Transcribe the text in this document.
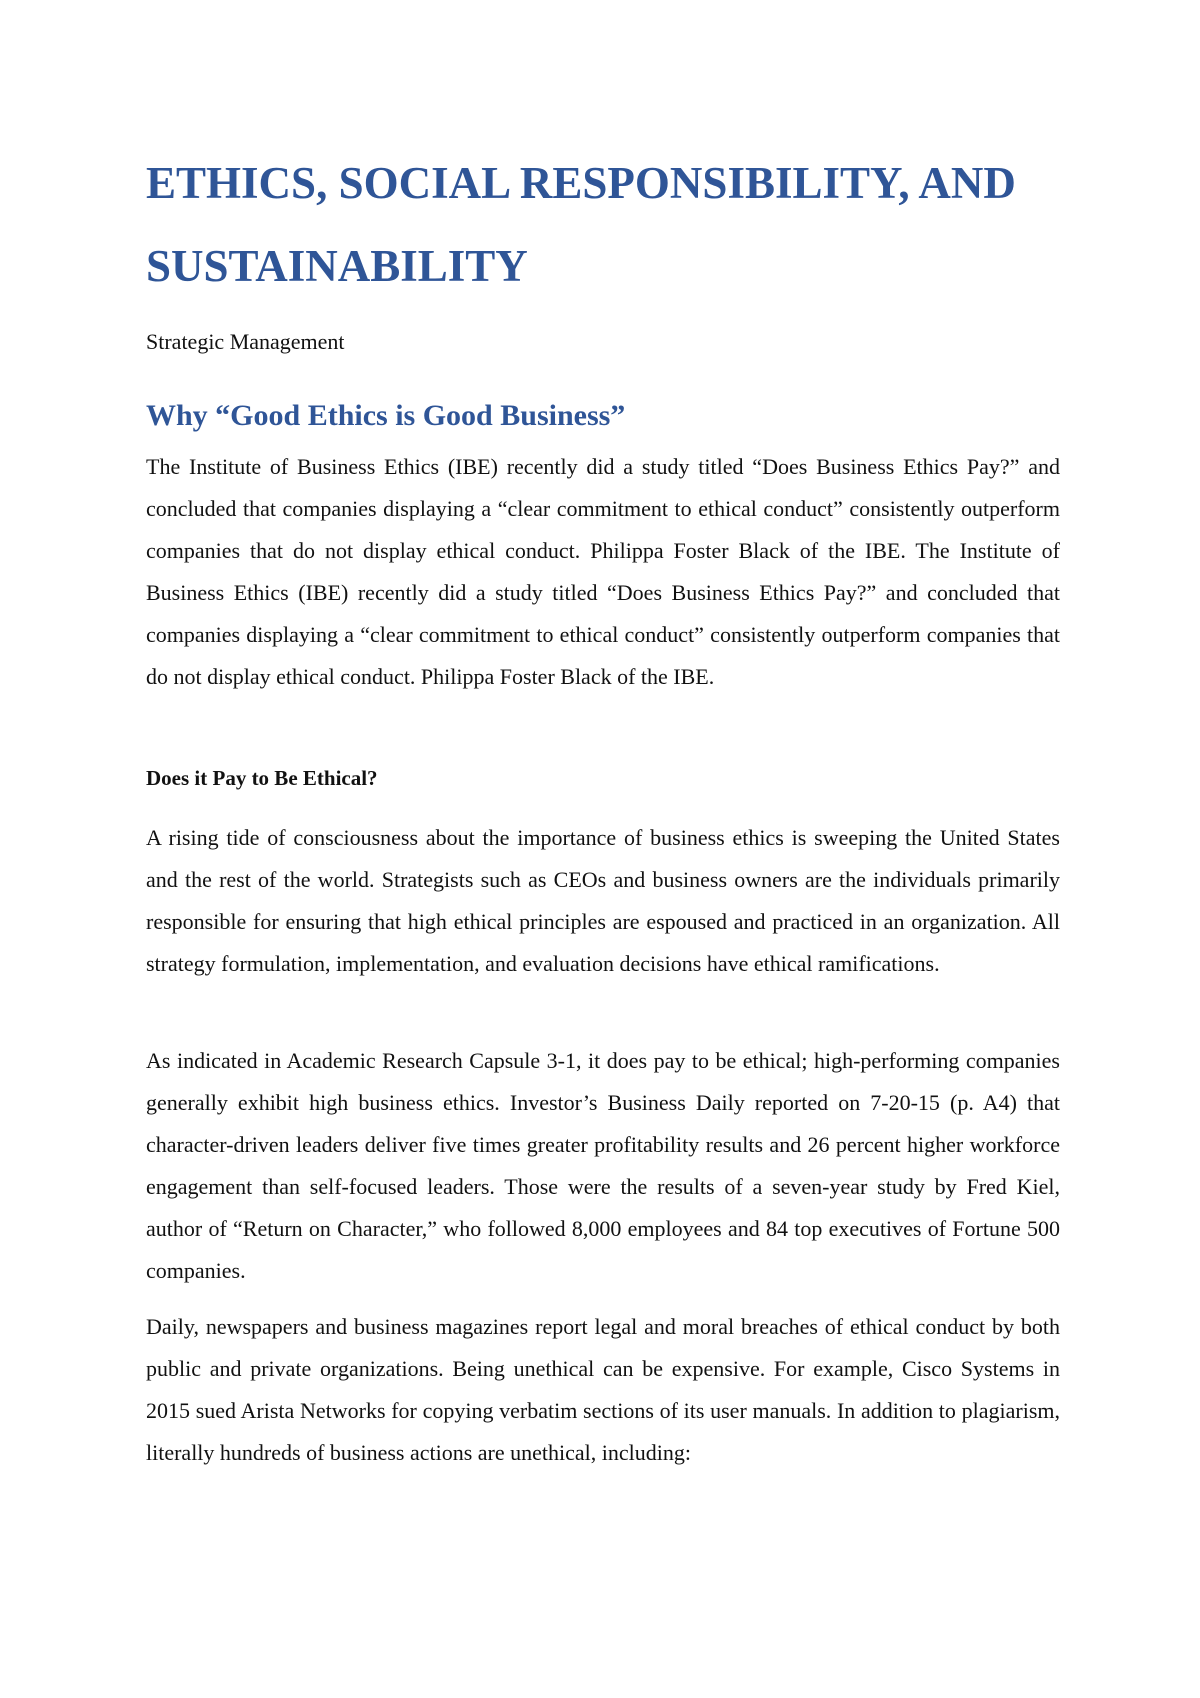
ETHICS, SOCIAL RESPONSIBILITY, AND SUSTAINABILITY

Strategic Management

Why “Good Ethics is Good Business”

The Institute of Business Ethics (IBE) recently did a study titled “Does Business Ethics Pay?” and concluded that companies displaying a “clear commitment to ethical conduct” consistently outperform companies that do not display ethical conduct. Philippa Foster Black of the IBE. The Institute of Business Ethics (IBE) recently did a study titled “Does Business Ethics Pay?” and concluded that companies displaying a “clear commitment to ethical conduct” consistently outperform companies that do not display ethical conduct. Philippa Foster Black of the IBE.

Does it Pay to Be Ethical?

A rising tide of consciousness about the importance of business ethics is sweeping the United States and the rest of the world. Strategists such as CEOs and business owners are the individuals primarily responsible for ensuring that high ethical principles are espoused and practiced in an organization. All strategy formulation, implementation, and evaluation decisions have ethical ramifications.

As indicated in Academic Research Capsule 3-1, it does pay to be ethical; high-performing companies generally exhibit high business ethics. Investor’s Business Daily reported on 7-20-15 (p. A4) that character-driven leaders deliver five times greater profitability results and 26 percent higher workforce engagement than self-focused leaders. Those were the results of a seven-year study by Fred Kiel, author of “Return on Character,” who followed 8,000 employees and 84 top executives of Fortune 500 companies.

Daily, newspapers and business magazines report legal and moral breaches of ethical conduct by both public and private organizations. Being unethical can be expensive. For example, Cisco Systems in 2015 sued Arista Networks for copying verbatim sections of its user manuals. In addition to plagiarism, literally hundreds of business actions are unethical, including:
